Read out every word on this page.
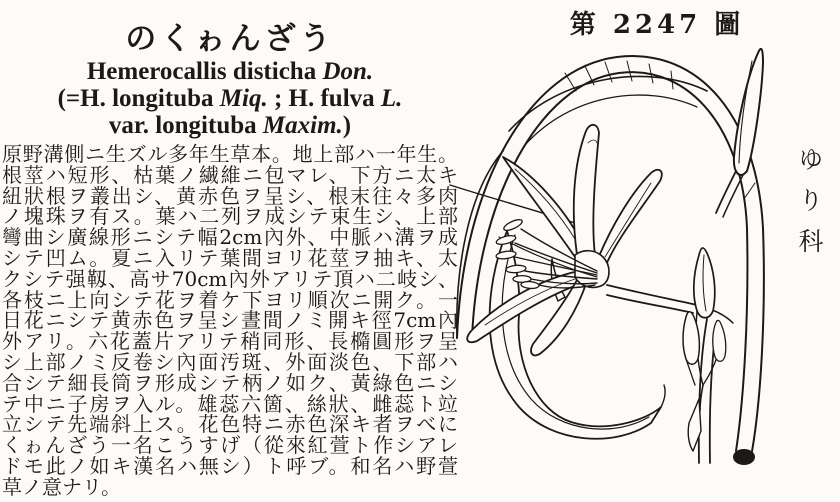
第 2247 圖
ゆり科
のくゎんざう
Hemerocallis disticha Don.
(=H. longituba Miq. ; H. fulva L.
var. longituba Maxim.)
原野溝側ニ生ズル多年生草本。地上部ハ一年生。
根莖ハ短形、枯葉ノ繊維ニ包マレ、下方ニ太キ
紐狀根ヲ叢出シ、黄赤色ヲ呈シ、根末往々多肉
ノ塊珠ヲ有ス。葉ハ二列ヲ成シテ束生シ、上部
彎曲シ廣線形ニシテ幅2cm內外、中脈ハ溝ヲ成
シテ凹ム。夏ニ入リテ葉間ヨリ花莖ヲ抽キ、太
クシテ强靱、高サ70cm內外アリテ頂ハ二岐シ、
各枝ニ上向シテ花ヲ着ケ下ヨリ順次ニ開ク。一
日花ニシテ黄赤色ヲ呈シ晝間ノミ開キ徑7cm內
外アリ。六花蓋片アリテ稍同形、長橢圓形ヲ呈
シ上部ノミ反卷シ內面汚斑、外面淡色、下部ハ
合シテ細長筒ヲ形成シテ柄ノ如ク、黃綠色ニシ
テ中ニ子房ヲ入ル。雄蕊六箇、絲狀、雌蕊ト竝
立シテ先端斜上ス。花色特ニ赤色深キ者ヲべに
くゎんざう一名こうすげ（從來紅萱ト作シアレ
ドモ此ノ如キ漢名ハ無シ）ト呼ブ。和名ハ野萱
草ノ意ナリ。
